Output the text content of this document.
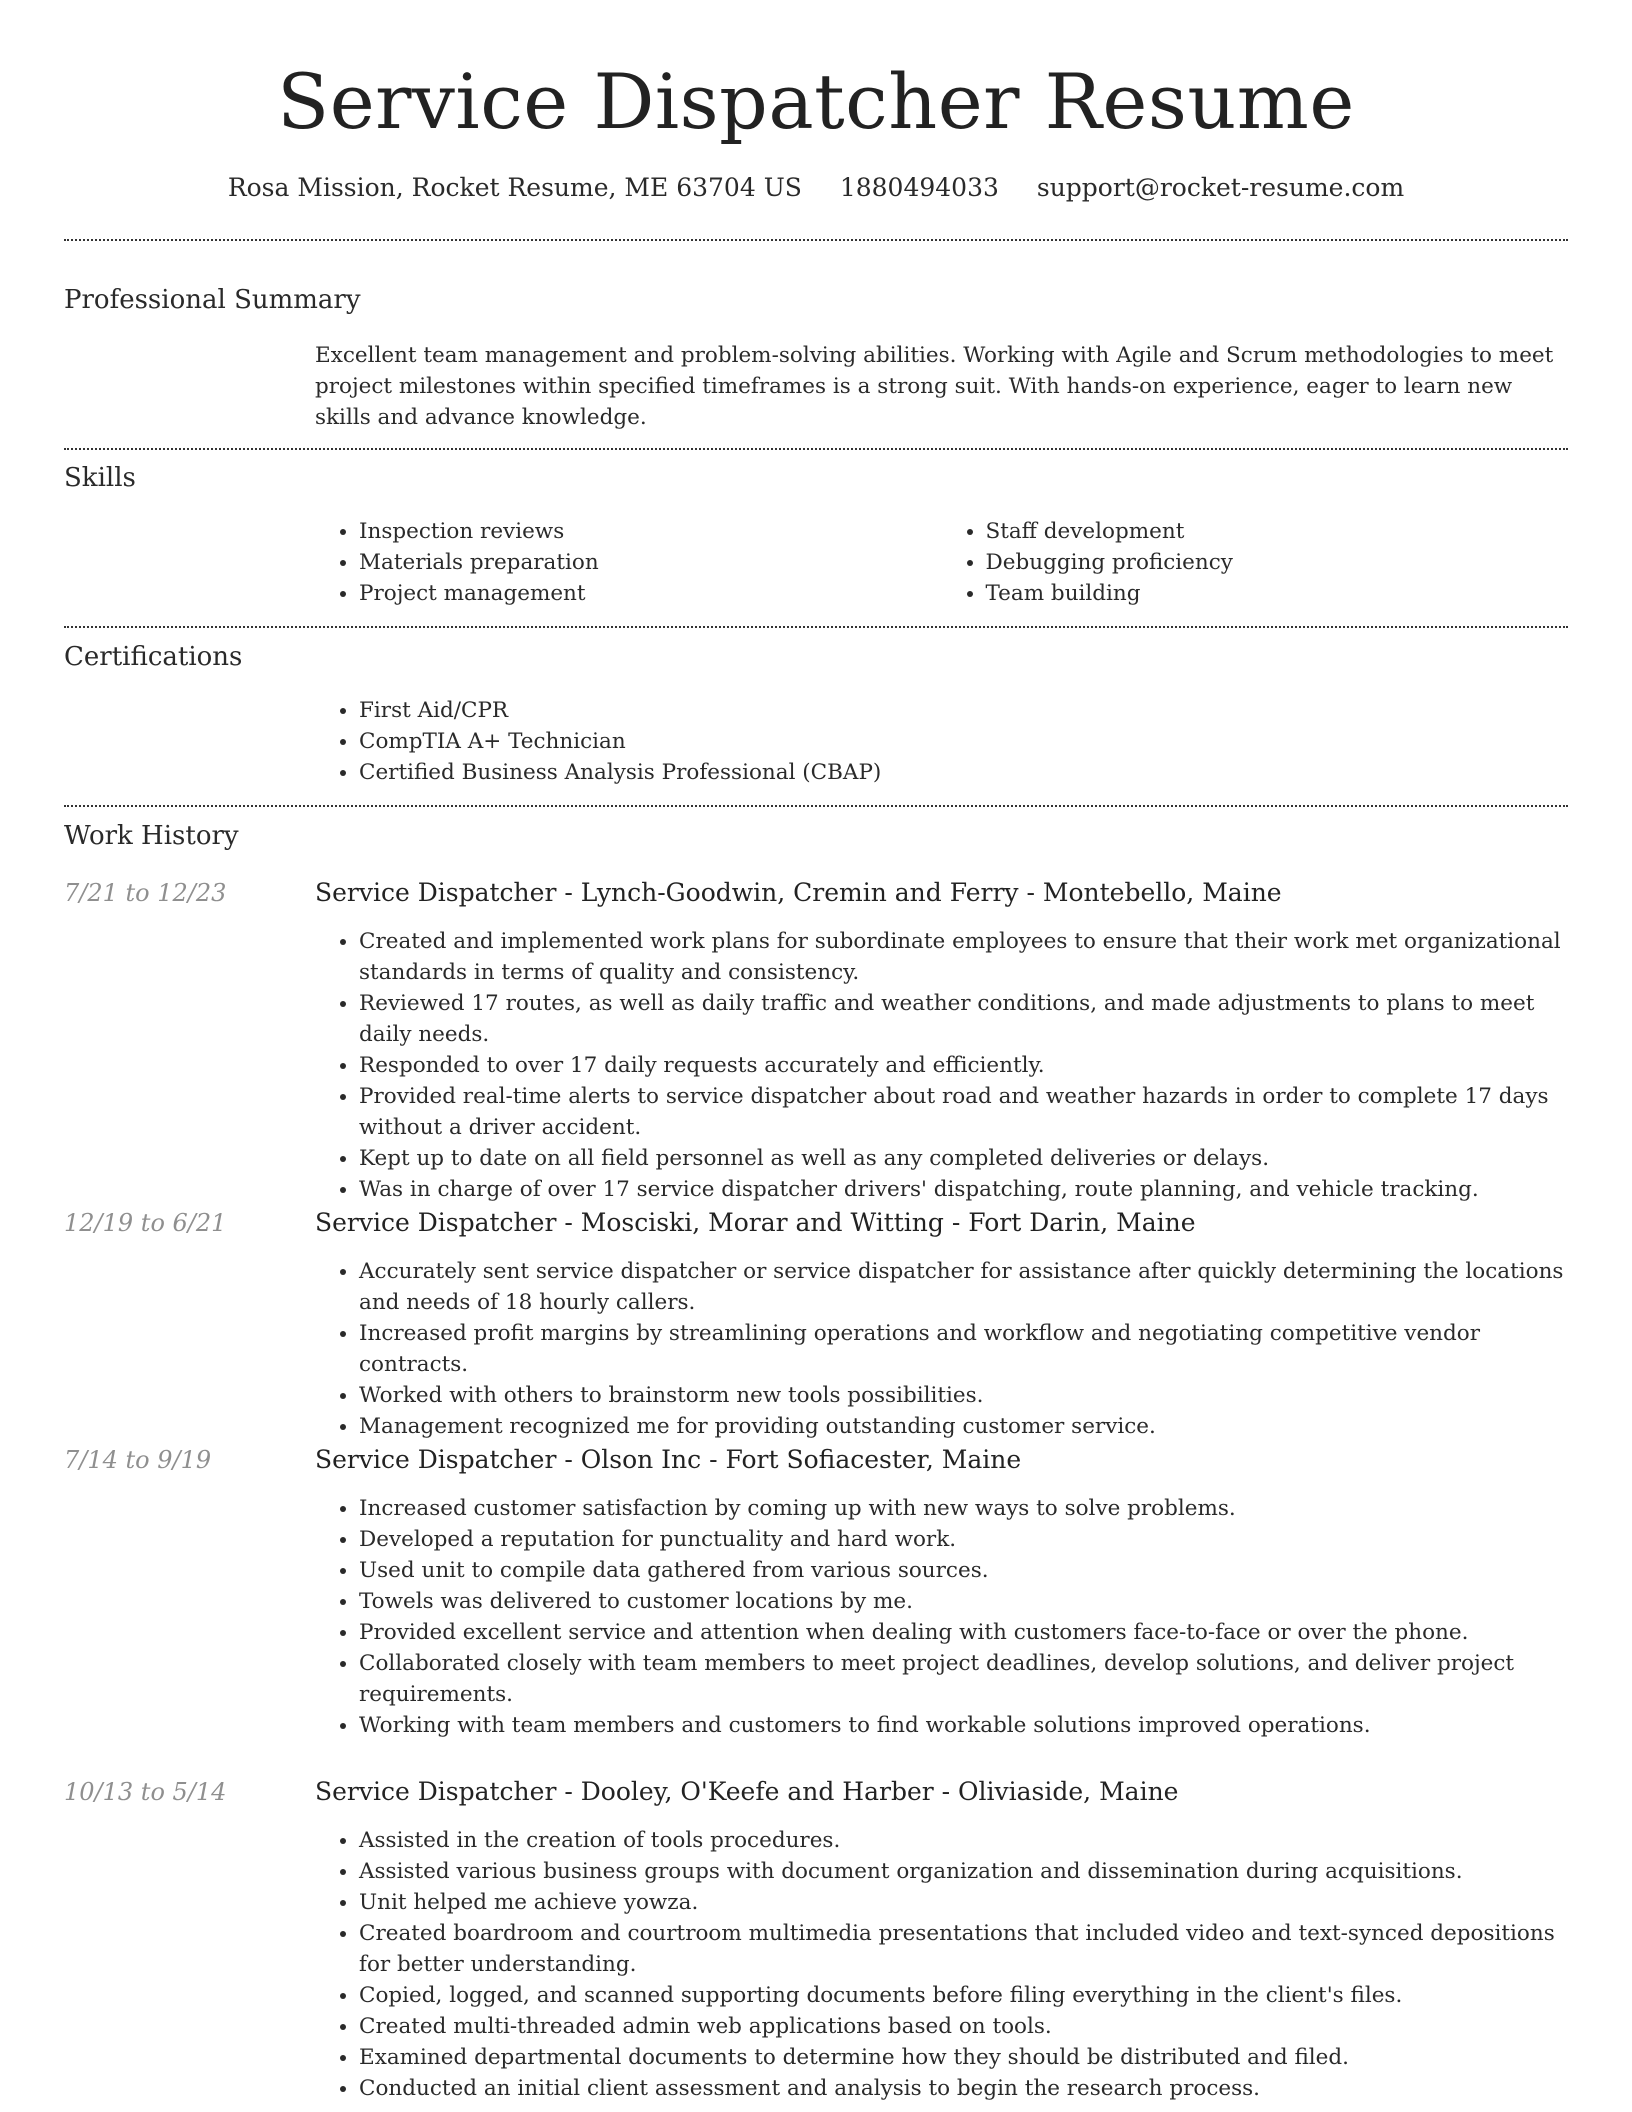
Service Dispatcher Resume
Rosa Mission, Rocket Resume, ME 63704 US 1880494033 support@rocket-resume.com
Professional Summary

Excellent team management and problem-solving abilities. Working with Agile and Scrum methodologies to meet project milestones within specified timeframes is a strong suit. With hands-on experience, eager to learn new skills and advance knowledge.

Skills
• Inspection reviews
• Materials preparation
• Project management
• Staff development
• Debugging proficiency
• Team building
Certifications
• First Aid/CPR
• CompTIA A+ Technician
• Certified Business Analysis Professional (CBAP)
Work History
7/21 to 12/23	Service Dispatcher - Lynch-Goodwin, Cremin and Ferry - Montebello, Maine
• Created and implemented work plans for subordinate employees to ensure that their work met organizational standards in terms of quality and consistency.
• Reviewed 17 routes, as well as daily traffic and weather conditions, and made adjustments to plans to meet daily needs.
• Responded to over 17 daily requests accurately and efficiently.
• Provided real-time alerts to service dispatcher about road and weather hazards in order to complete 17 days without a driver accident.
• Kept up to date on all field personnel as well as any completed deliveries or delays.
• Was in charge of over 17 service dispatcher drivers' dispatching, route planning, and vehicle tracking.
12/19 to 6/21	Service Dispatcher - Mosciski, Morar and Witting - Fort Darin, Maine
• Accurately sent service dispatcher or service dispatcher for assistance after quickly determining the locations and needs of 18 hourly callers.
• Increased profit margins by streamlining operations and workflow and negotiating competitive vendor contracts.
• Worked with others to brainstorm new tools possibilities.
• Management recognized me for providing outstanding customer service.
7/14 to 9/19	Service Dispatcher - Olson Inc - Fort Sofiacester, Maine
• Increased customer satisfaction by coming up with new ways to solve problems.
• Developed a reputation for punctuality and hard work.
• Used unit to compile data gathered from various sources.
• Towels was delivered to customer locations by me.
• Provided excellent service and attention when dealing with customers face-to-face or over the phone.
• Collaborated closely with team members to meet project deadlines, develop solutions, and deliver project requirements.
• Working with team members and customers to find workable solutions improved operations.
10/13 to 5/14	Service Dispatcher - Dooley, O'Keefe and Harber - Oliviaside, Maine
• Assisted in the creation of tools procedures.
• Assisted various business groups with document organization and dissemination during acquisitions.
• Unit helped me achieve yowza.
• Created boardroom and courtroom multimedia presentations that included video and text-synced depositions for better understanding.
• Copied, logged, and scanned supporting documents before filing everything in the client's files.
• Created multi-threaded admin web applications based on tools.
• Examined departmental documents to determine how they should be distributed and filed.
• Conducted an initial client assessment and analysis to begin the research process.
